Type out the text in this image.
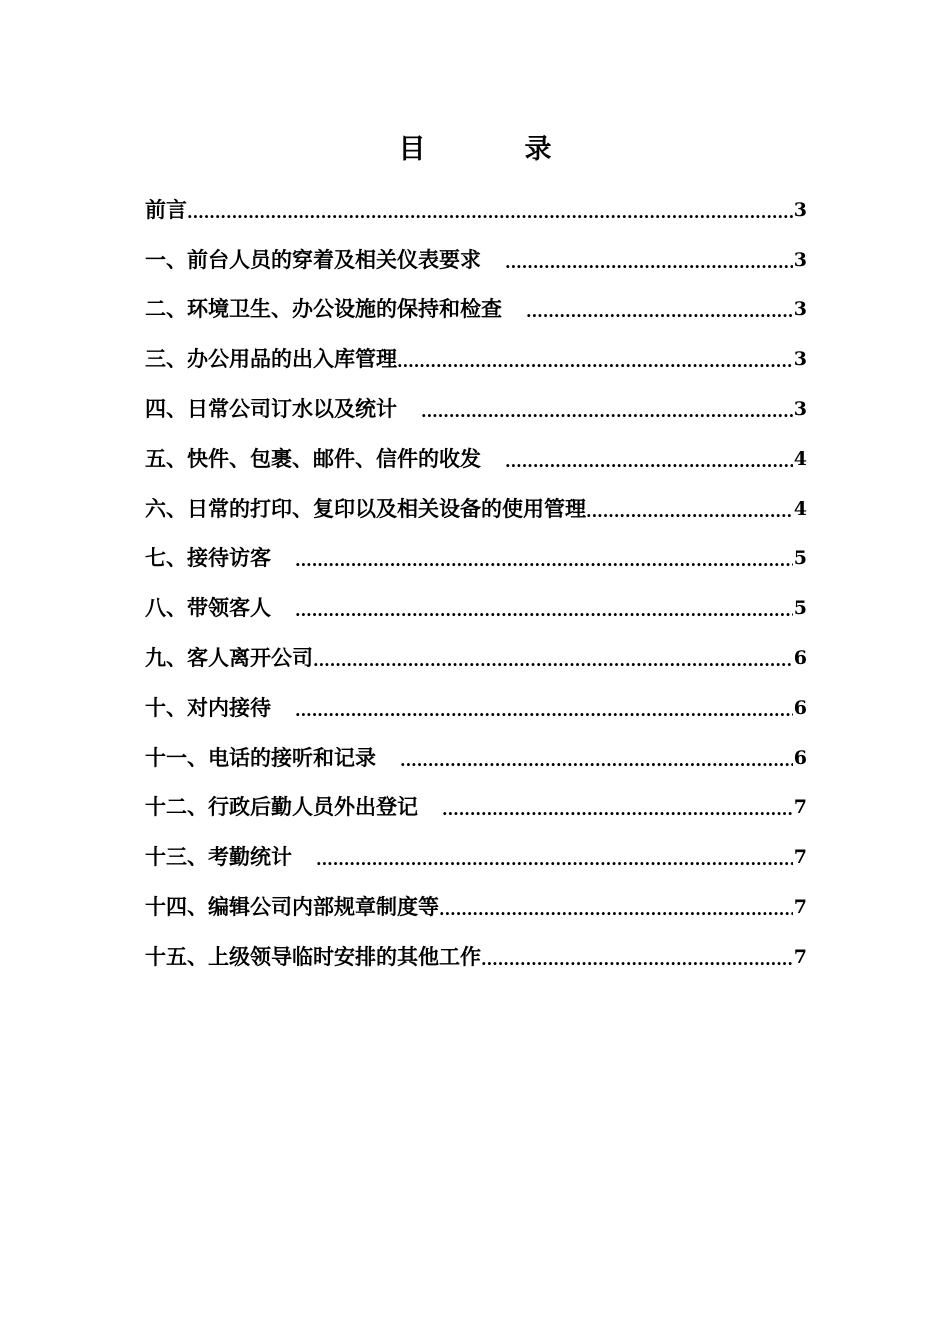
目　录
前言 .....	3
一、前台人员的穿着及相关仪表要求 .....	3
二、环境卫生、办公设施的保持和检查 .....	3
三、办公用品的出入库管理 .....	3
四、日常公司订水以及统计 .....	3
五、快件、包裹、邮件、信件的收发 .....	4
六、日常的打印、复印以及相关设备的使用管理 .....	4
七、接待访客 .....	5
八、带领客人 .....	5
九、客人离开公司 .....	6
十、对内接待 .....	6
十一、电话的接听和记录 .....	6
十二、行政后勤人员外出登记 .....	7
十三、考勤统计 .....	7
十四、编辑公司内部规章制度等 .....	7
十五、上级领导临时安排的其他工作 .....	7
